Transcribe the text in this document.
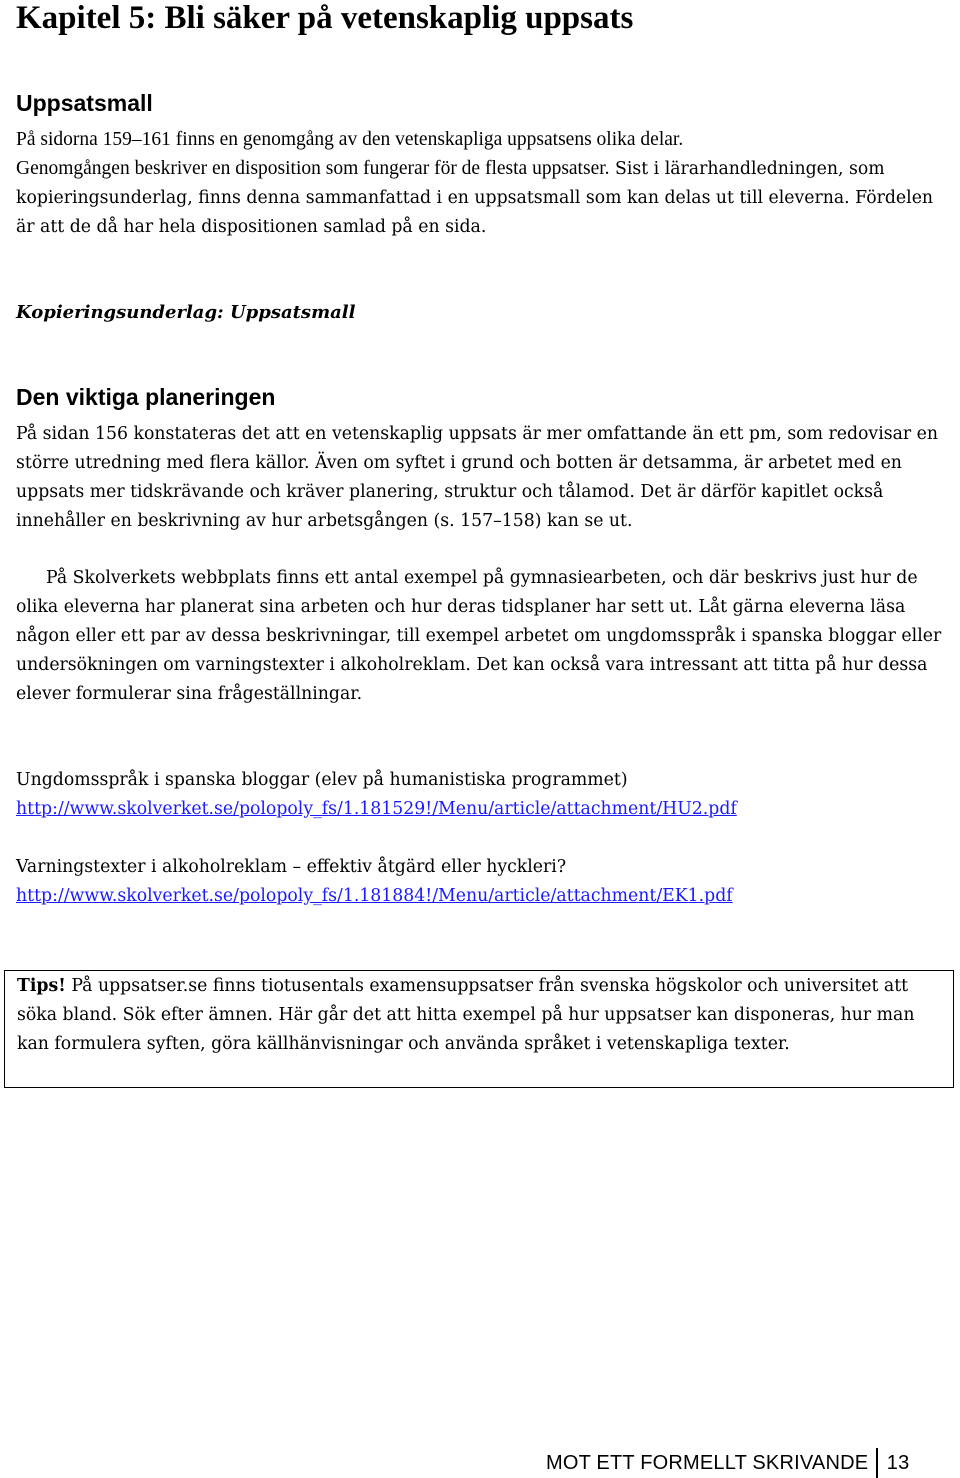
Kapitel 5: Bli säker på vetenskaplig uppsats
Uppsatsmall
På sidorna 159–161 finns en genomgång av den vetenskapliga uppsatsens olika delar.
Genomgången beskriver en disposition som fungerar för de flesta uppsatser. Sist i lärarhandledningen, som kopieringsunderlag, finns denna sammanfattad i en uppsatsmall som kan delas ut till eleverna. Fördelen är att de då har hela dispositionen samlad på en sida.
Kopieringsunderlag: Uppsatsmall
Den viktiga planeringen

På sidan 156 konstateras det att en vetenskaplig uppsats är mer omfattande än ett pm, som redovisar en större utredning med flera källor. Även om syftet i grund och botten är detsamma, är arbetet med en uppsats mer tidskrävande och kräver planering, struktur och tålamod. Det är därför kapitlet också innehåller en beskrivning av hur arbetsgången (s. 157–158) kan se ut.

På Skolverkets webbplats finns ett antal exempel på gymnasiearbeten, och där beskrivs just hur de olika eleverna har planerat sina arbeten och hur deras tidsplaner har sett ut. Låt gärna eleverna läsa någon eller ett par av dessa beskrivningar, till exempel arbetet om ungdomsspråk i spanska bloggar eller undersökningen om varningstexter i alkoholreklam. Det kan också vara intressant att titta på hur dessa elever formulerar sina frågeställningar.

Ungdomsspråk i spanska bloggar (elev på humanistiska programmet)
http://www.skolverket.se/polopoly_fs/1.181529!/Menu/article/attachment/HU2.pdf
Varningstexter i alkoholreklam – effektiv åtgärd eller hyckleri?
http://www.skolverket.se/polopoly_fs/1.181884!/Menu/article/attachment/EK1.pdf

Tips! På uppsatser.se finns tiotusentals examensuppsatser från svenska högskolor och universitet att söka bland. Sök efter ämnen. Här går det att hitta exempel på hur uppsatser kan disponeras, hur man kan formulera syften, göra källhänvisningar och använda språket i vetenskapliga texter.

MOT ETT FORMELLT SKRIVANDE 13
